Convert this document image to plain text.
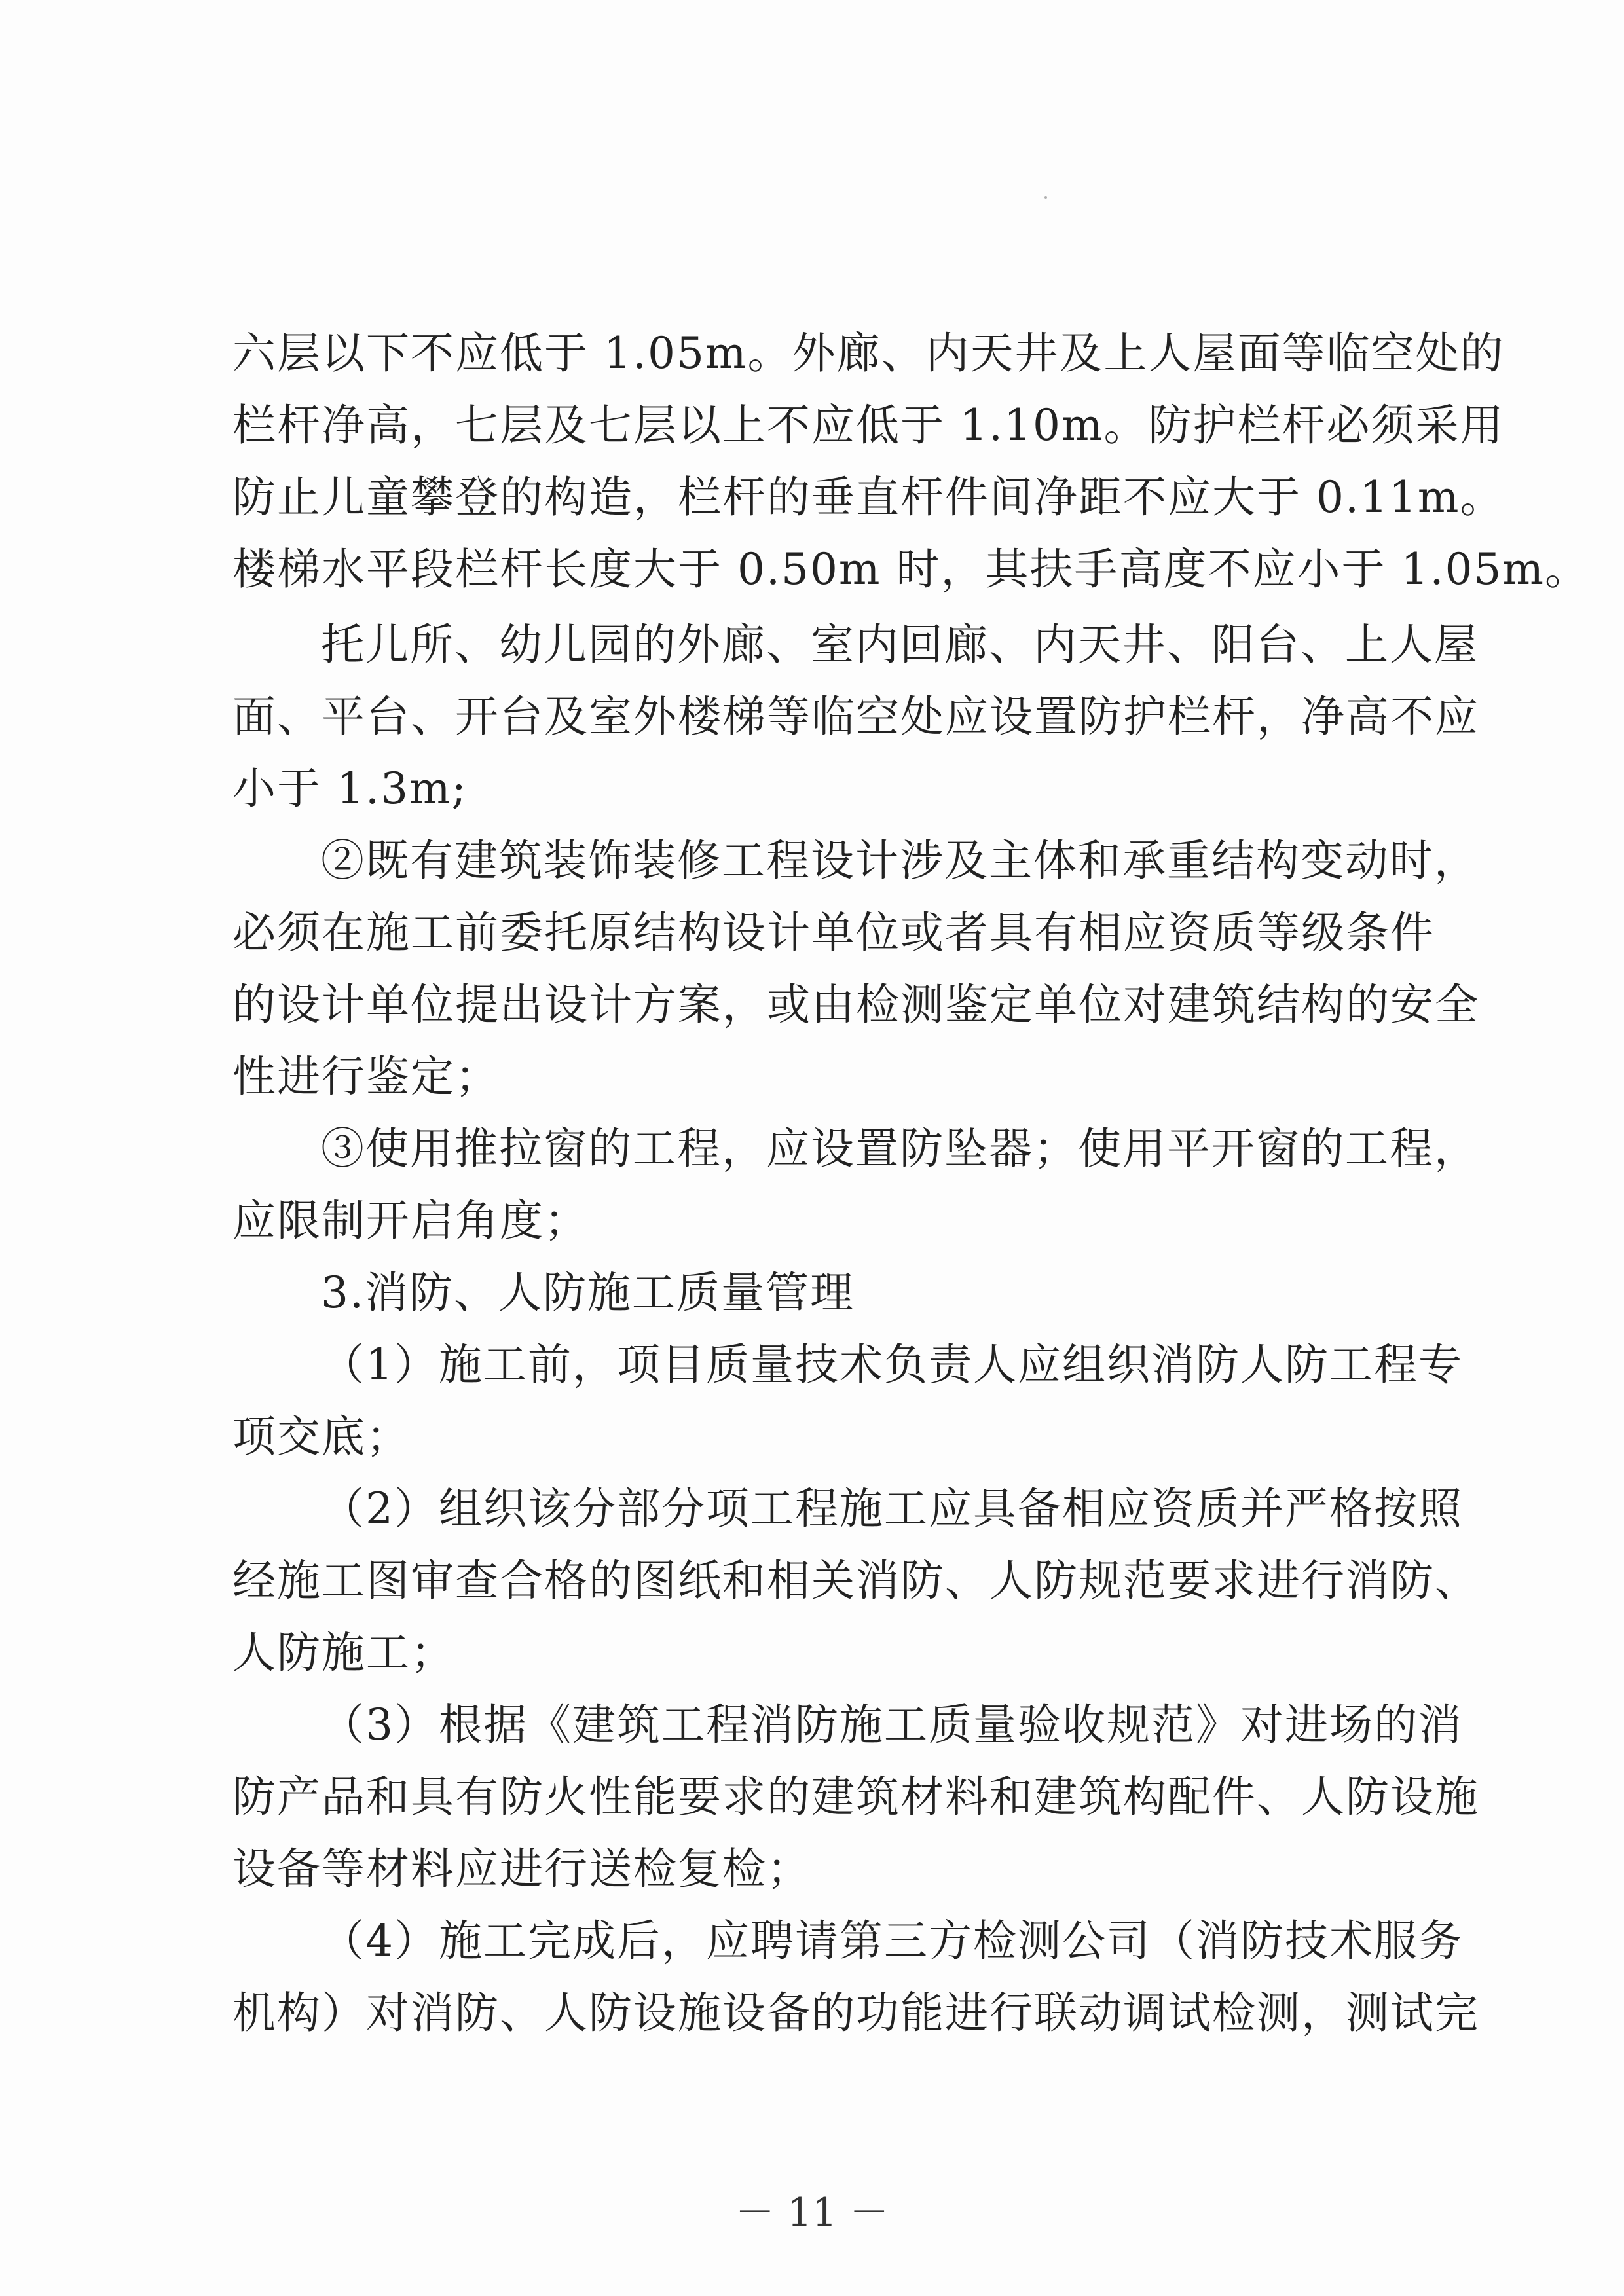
六层以下不应低于 1.05m。外廊、内天井及上人屋面等临空处的
栏杆净高，七层及七层以上不应低于 1.10m。防护栏杆必须采用
防止儿童攀登的构造，栏杆的垂直杆件间净距不应大于 0.11m。
楼梯水平段栏杆长度大于 0.50m 时，其扶手高度不应小于 1.05m。
托儿所、幼儿园的外廊、室内回廊、内天井、阳台、上人屋
面、平台、开台及室外楼梯等临空处应设置防护栏杆，净高不应
小于 1.3m;
②既有建筑装饰装修工程设计涉及主体和承重结构变动时，
必须在施工前委托原结构设计单位或者具有相应资质等级条件
的设计单位提出设计方案，或由检测鉴定单位对建筑结构的安全
性进行鉴定；
③使用推拉窗的工程，应设置防坠器；使用平开窗的工程，
应限制开启角度；
3.消防、人防施工质量管理
（1）施工前，项目质量技术负责人应组织消防人防工程专
项交底；
（2）组织该分部分项工程施工应具备相应资质并严格按照
经施工图审查合格的图纸和相关消防、人防规范要求进行消防、
人防施工；
（3）根据《建筑工程消防施工质量验收规范》对进场的消
防产品和具有防火性能要求的建筑材料和建筑构配件、人防设施
设备等材料应进行送检复检；
（4）施工完成后，应聘请第三方检测公司（消防技术服务
机构）对消防、人防设施设备的功能进行联动调试检测，测试完
－ 11 －
